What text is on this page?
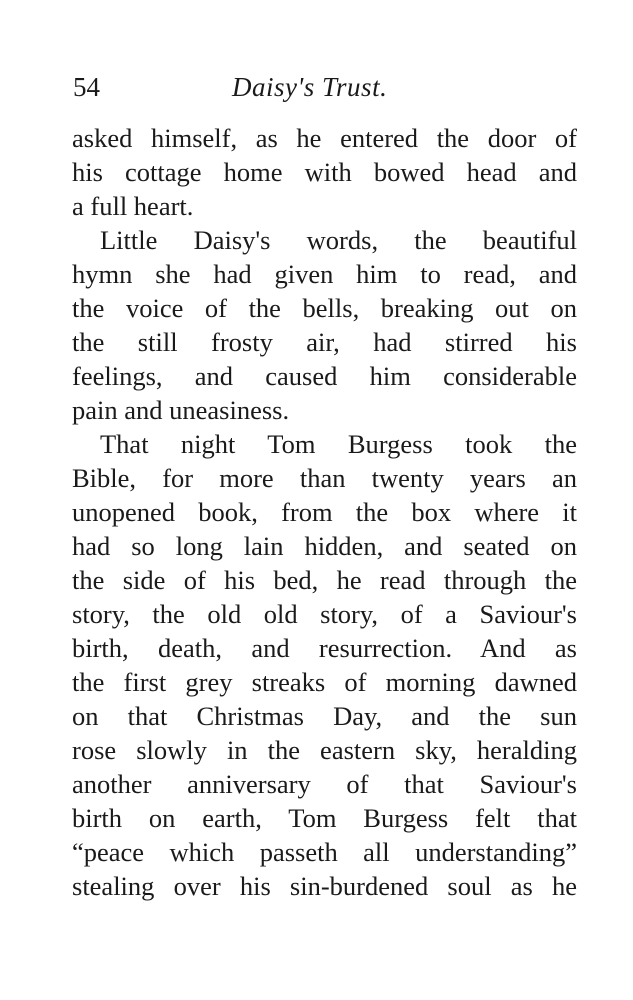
54	Daisy's Trust.
asked himself, as he entered the door of
his cottage home with bowed head and
a full heart.
Little Daisy's words, the beautiful
hymn she had given him to read, and
the voice of the bells, breaking out on
the still frosty air, had stirred his
feelings, and caused him considerable
pain and uneasiness.
That night Tom Burgess took the
Bible, for more than twenty years an
unopened book, from the box where it
had so long lain hidden, and seated on
the side of his bed, he read through the
story, the old old story, of a Saviour's
birth, death, and resurrection. And as
the first grey streaks of morning dawned
on that Christmas Day, and the sun
rose slowly in the eastern sky, heralding
another anniversary of that Saviour's
birth on earth, Tom Burgess felt that
“peace which passeth all understanding”
stealing over his sin-burdened soul as he
